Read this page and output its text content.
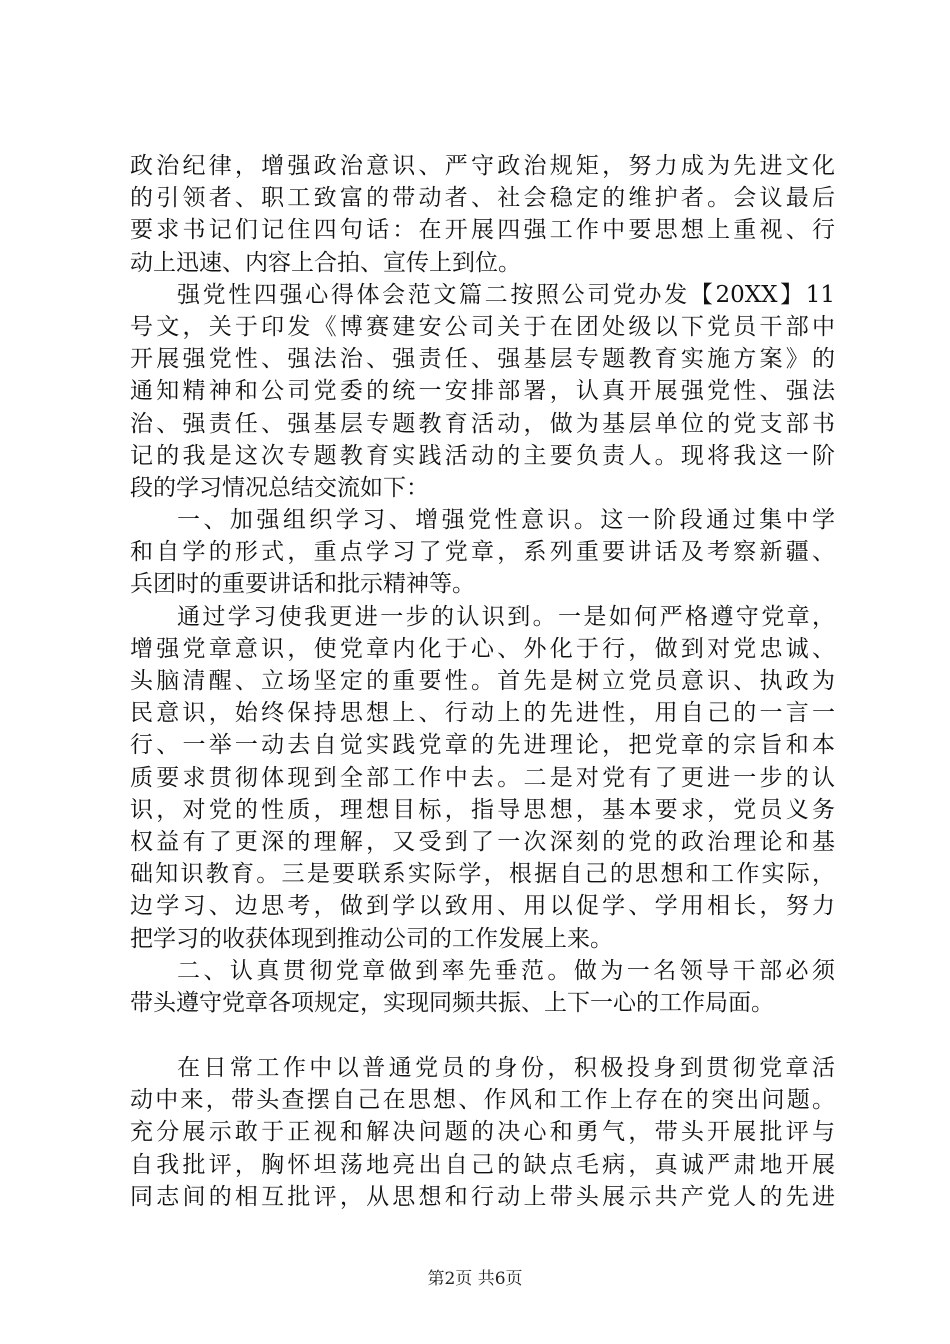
政治纪律，增强政治意识、严守政治规矩，努力成为先进文化
的引领者、职工致富的带动者、社会稳定的维护者。会议最后
要求书记们记住四句话：在开展四强工作中要思想上重视、行
动上迅速、内容上合拍、宣传上到位。
强党性四强心得体会范文篇二按照公司党办发【20XX】11
号文，关于印发《博赛建安公司关于在团处级以下党员干部中
开展强党性、强法治、强责任、强基层专题教育实施方案》的
通知精神和公司党委的统一安排部署，认真开展强党性、强法
治、强责任、强基层专题教育活动，做为基层单位的党支部书
记的我是这次专题教育实践活动的主要负责人。现将我这一阶
段的学习情况总结交流如下：
一、加强组织学习、增强党性意识。这一阶段通过集中学
和自学的形式，重点学习了党章，系列重要讲话及考察新疆、
兵团时的重要讲话和批示精神等。
通过学习使我更进一步的认识到。一是如何严格遵守党章，
增强党章意识，使党章内化于心、外化于行，做到对党忠诚、
头脑清醒、立场坚定的重要性。首先是树立党员意识、执政为
民意识，始终保持思想上、行动上的先进性，用自己的一言一
行、一举一动去自觉实践党章的先进理论，把党章的宗旨和本
质要求贯彻体现到全部工作中去。二是对党有了更进一步的认
识，对党的性质，理想目标，指导思想，基本要求，党员义务
权益有了更深的理解，又受到了一次深刻的党的政治理论和基
础知识教育。三是要联系实际学，根据自己的思想和工作实际，
边学习、边思考，做到学以致用、用以促学、学用相长，努力
把学习的收获体现到推动公司的工作发展上来。
二、认真贯彻党章做到率先垂范。做为一名领导干部必须
带头遵守党章各项规定，实现同频共振、上下一心的工作局面。
在日常工作中以普通党员的身份，积极投身到贯彻党章活
动中来，带头查摆自己在思想、作风和工作上存在的突出问题。
充分展示敢于正视和解决问题的决心和勇气，带头开展批评与
自我批评，胸怀坦荡地亮出自己的缺点毛病，真诚严肃地开展
同志间的相互批评，从思想和行动上带头展示共产党人的先进
第2页 共6页
